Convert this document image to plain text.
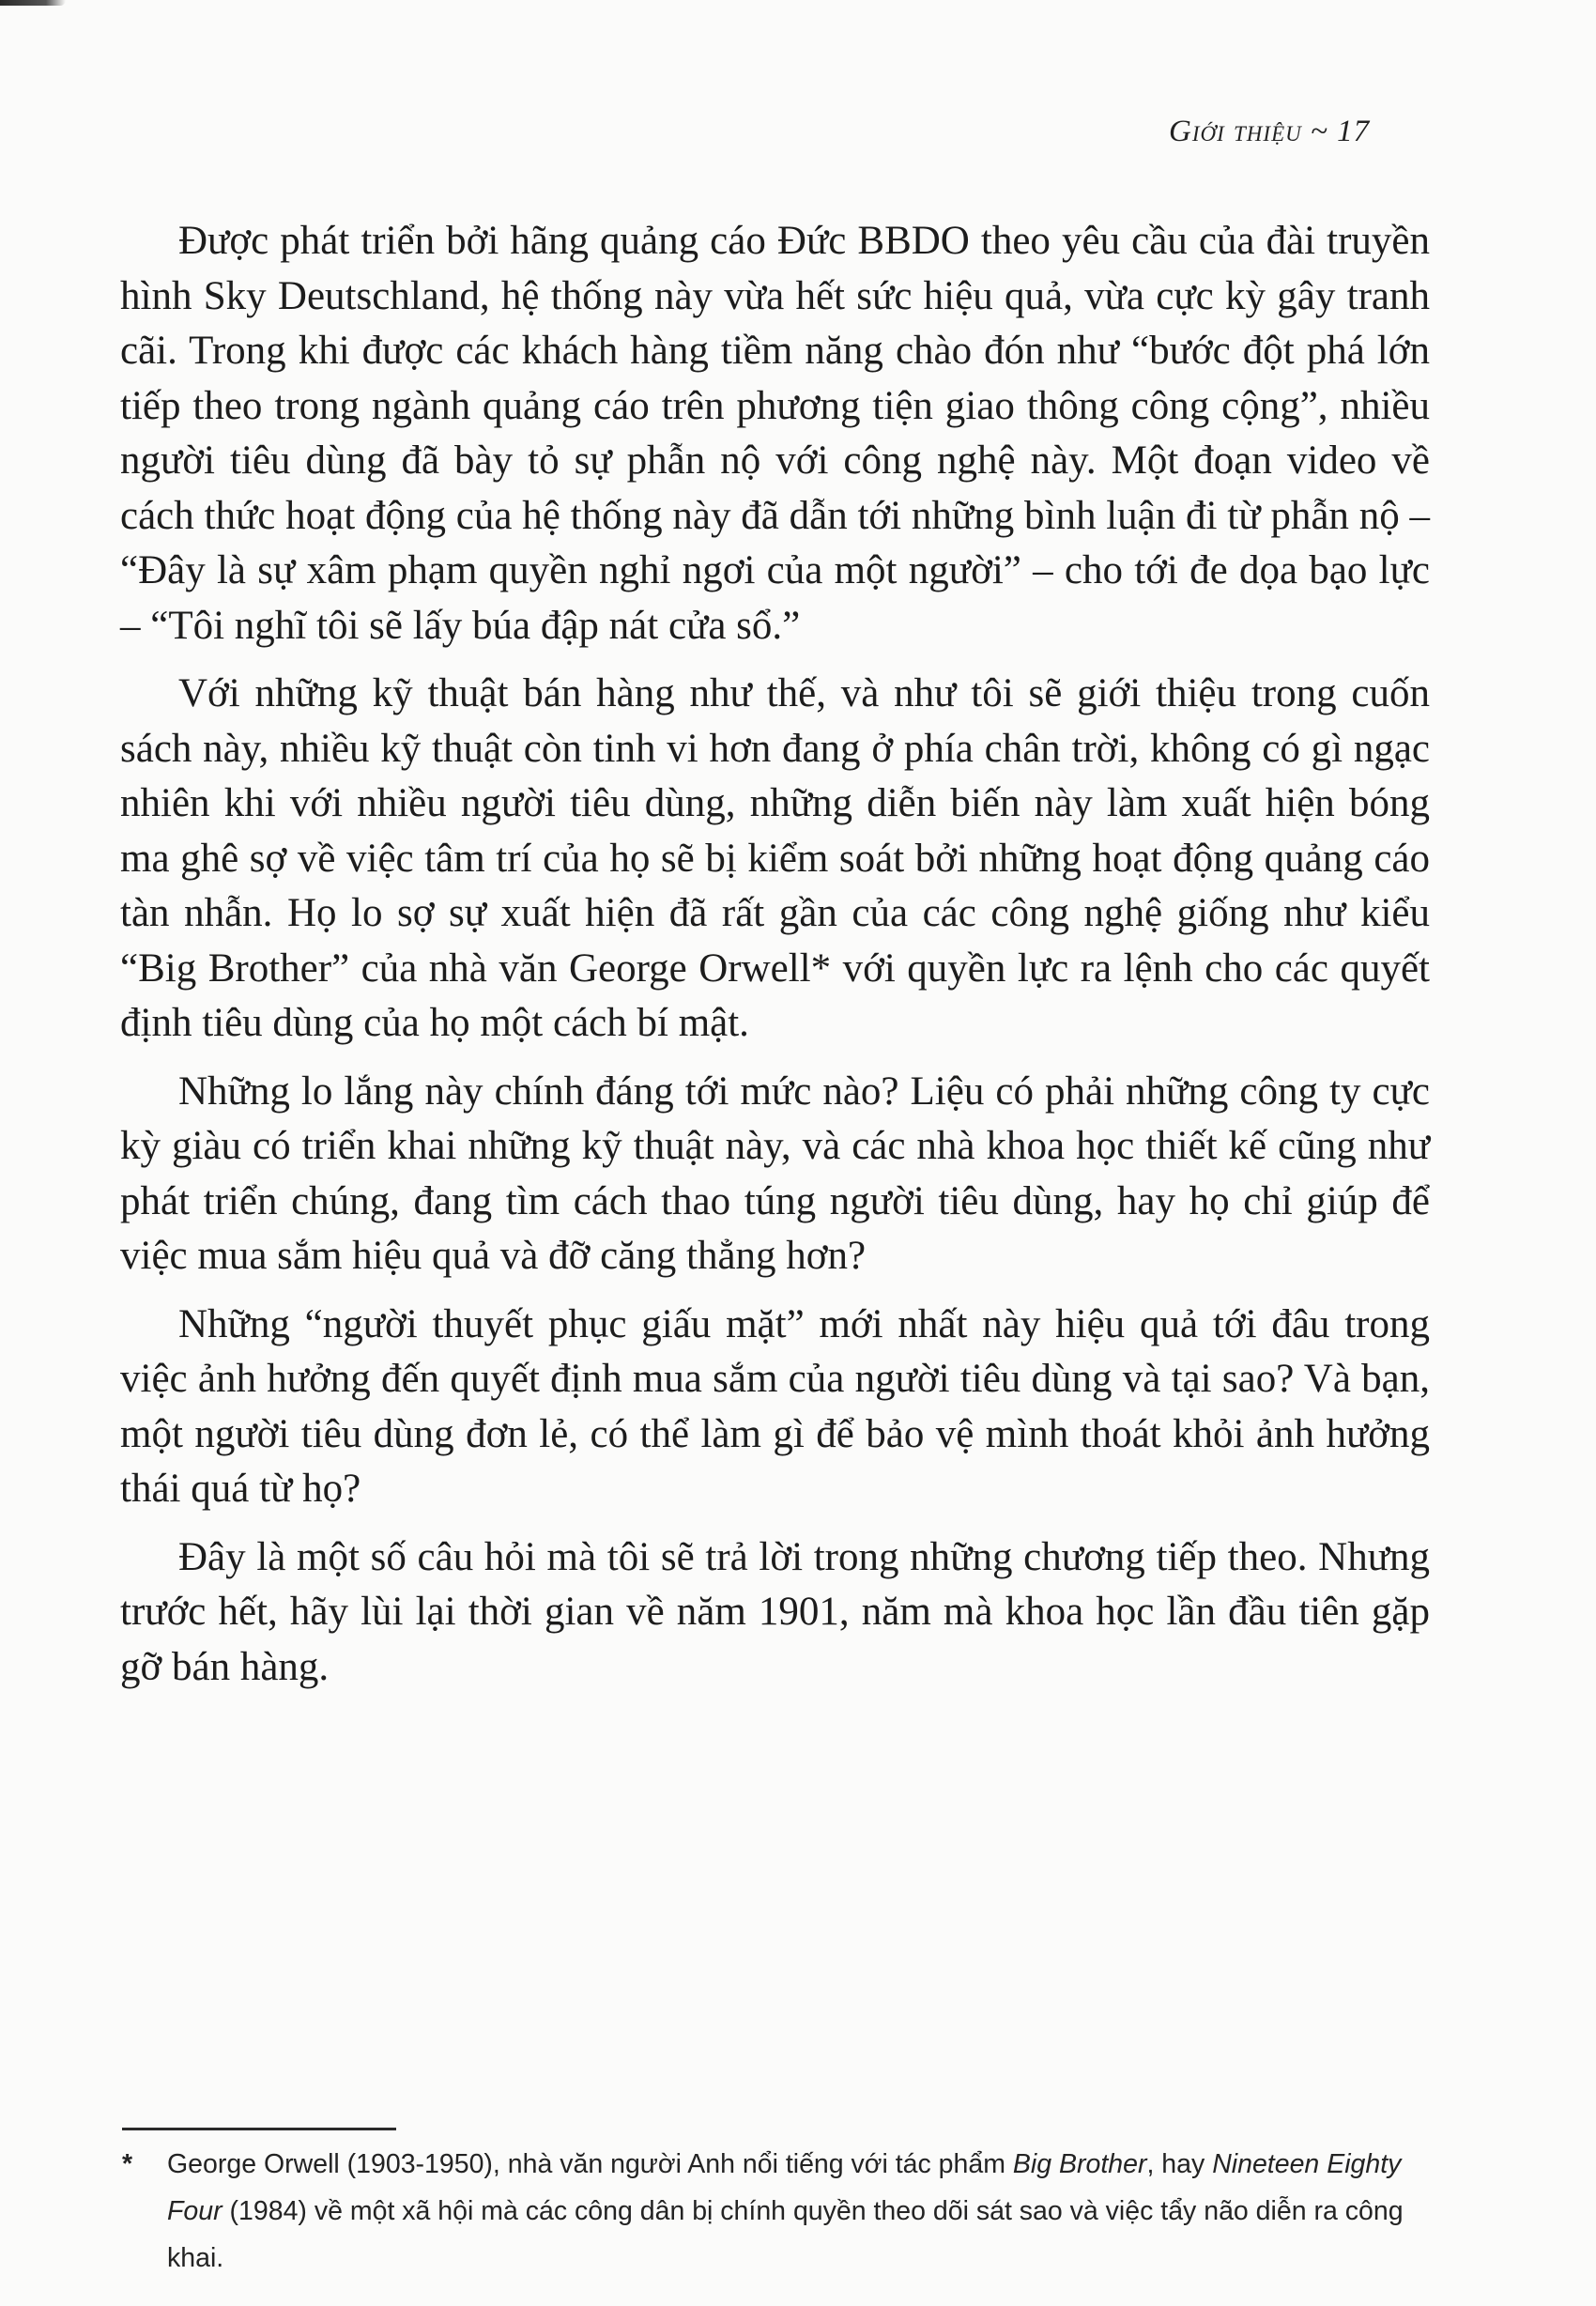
Giới thiệu ~ 17

Được phát triển bởi hãng quảng cáo Đức BBDO theo yêu cầu của đài truyền hình Sky Deutschland, hệ thống này vừa hết sức hiệu quả, vừa cực kỳ gây tranh cãi. Trong khi được các khách hàng tiềm năng chào đón như “bước đột phá lớn tiếp theo trong ngành quảng cáo trên phương tiện giao thông công cộng”, nhiều người tiêu dùng đã bày tỏ sự phẫn nộ với công nghệ này. Một đoạn video về cách thức hoạt động của hệ thống này đã dẫn tới những bình luận đi từ phẫn nộ – “Đây là sự xâm phạm quyền nghỉ ngơi của một người” – cho tới đe dọa bạo lực – “Tôi nghĩ tôi sẽ lấy búa đập nát cửa sổ.”

Với những kỹ thuật bán hàng như thế, và như tôi sẽ giới thiệu trong cuốn sách này, nhiều kỹ thuật còn tinh vi hơn đang ở phía chân trời, không có gì ngạc nhiên khi với nhiều người tiêu dùng, những diễn biến này làm xuất hiện bóng ma ghê sợ về việc tâm trí của họ sẽ bị kiểm soát bởi những hoạt động quảng cáo tàn nhẫn. Họ lo sợ sự xuất hiện đã rất gần của các công nghệ giống như kiểu “Big Brother” của nhà văn George Orwell* với quyền lực ra lệnh cho các quyết định tiêu dùng của họ một cách bí mật.

Những lo lắng này chính đáng tới mức nào? Liệu có phải những công ty cực kỳ giàu có triển khai những kỹ thuật này, và các nhà khoa học thiết kế cũng như phát triển chúng, đang tìm cách thao túng người tiêu dùng, hay họ chỉ giúp để việc mua sắm hiệu quả và đỡ căng thẳng hơn?

Những “người thuyết phục giấu mặt” mới nhất này hiệu quả tới đâu trong việc ảnh hưởng đến quyết định mua sắm của người tiêu dùng và tại sao? Và bạn, một người tiêu dùng đơn lẻ, có thể làm gì để bảo vệ mình thoát khỏi ảnh hưởng thái quá từ họ?

Đây là một số câu hỏi mà tôi sẽ trả lời trong những chương tiếp theo. Nhưng trước hết, hãy lùi lại thời gian về năm 1901, năm mà khoa học lần đầu tiên gặp gỡ bán hàng.

* George Orwell (1903-1950), nhà văn người Anh nổi tiếng với tác phẩm Big Brother, hay Nineteen Eighty Four (1984) về một xã hội mà các công dân bị chính quyền theo dõi sát sao và việc tẩy não diễn ra công khai.
